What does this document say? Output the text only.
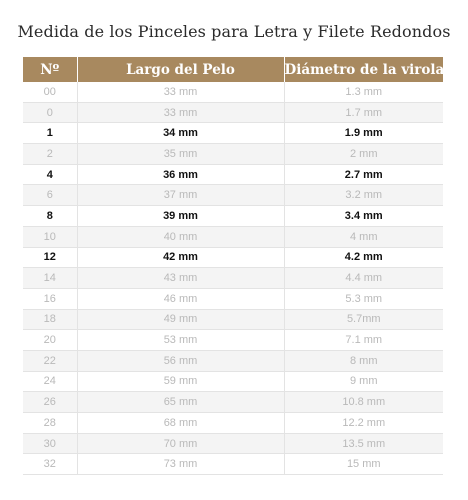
Medida de los Pinceles para Letra y Filete Redondos
Nº	Largo del Pelo	Diámetro de la virola
00	33 mm	1.3 mm
0	33 mm	1.7 mm
1	34 mm	1.9 mm
2	35 mm	2 mm
4	36 mm	2.7 mm
6	37 mm	3.2 mm
8	39 mm	3.4 mm
10	40 mm	4 mm
12	42 mm	4.2 mm
14	43 mm	4.4 mm
16	46 mm	5.3 mm
18	49 mm	5.7mm
20	53 mm	7.1 mm
22	56 mm	8 mm
24	59 mm	9 mm
26	65 mm	10.8 mm
28	68 mm	12.2 mm
30	70 mm	13.5 mm
32	73 mm	15 mm
